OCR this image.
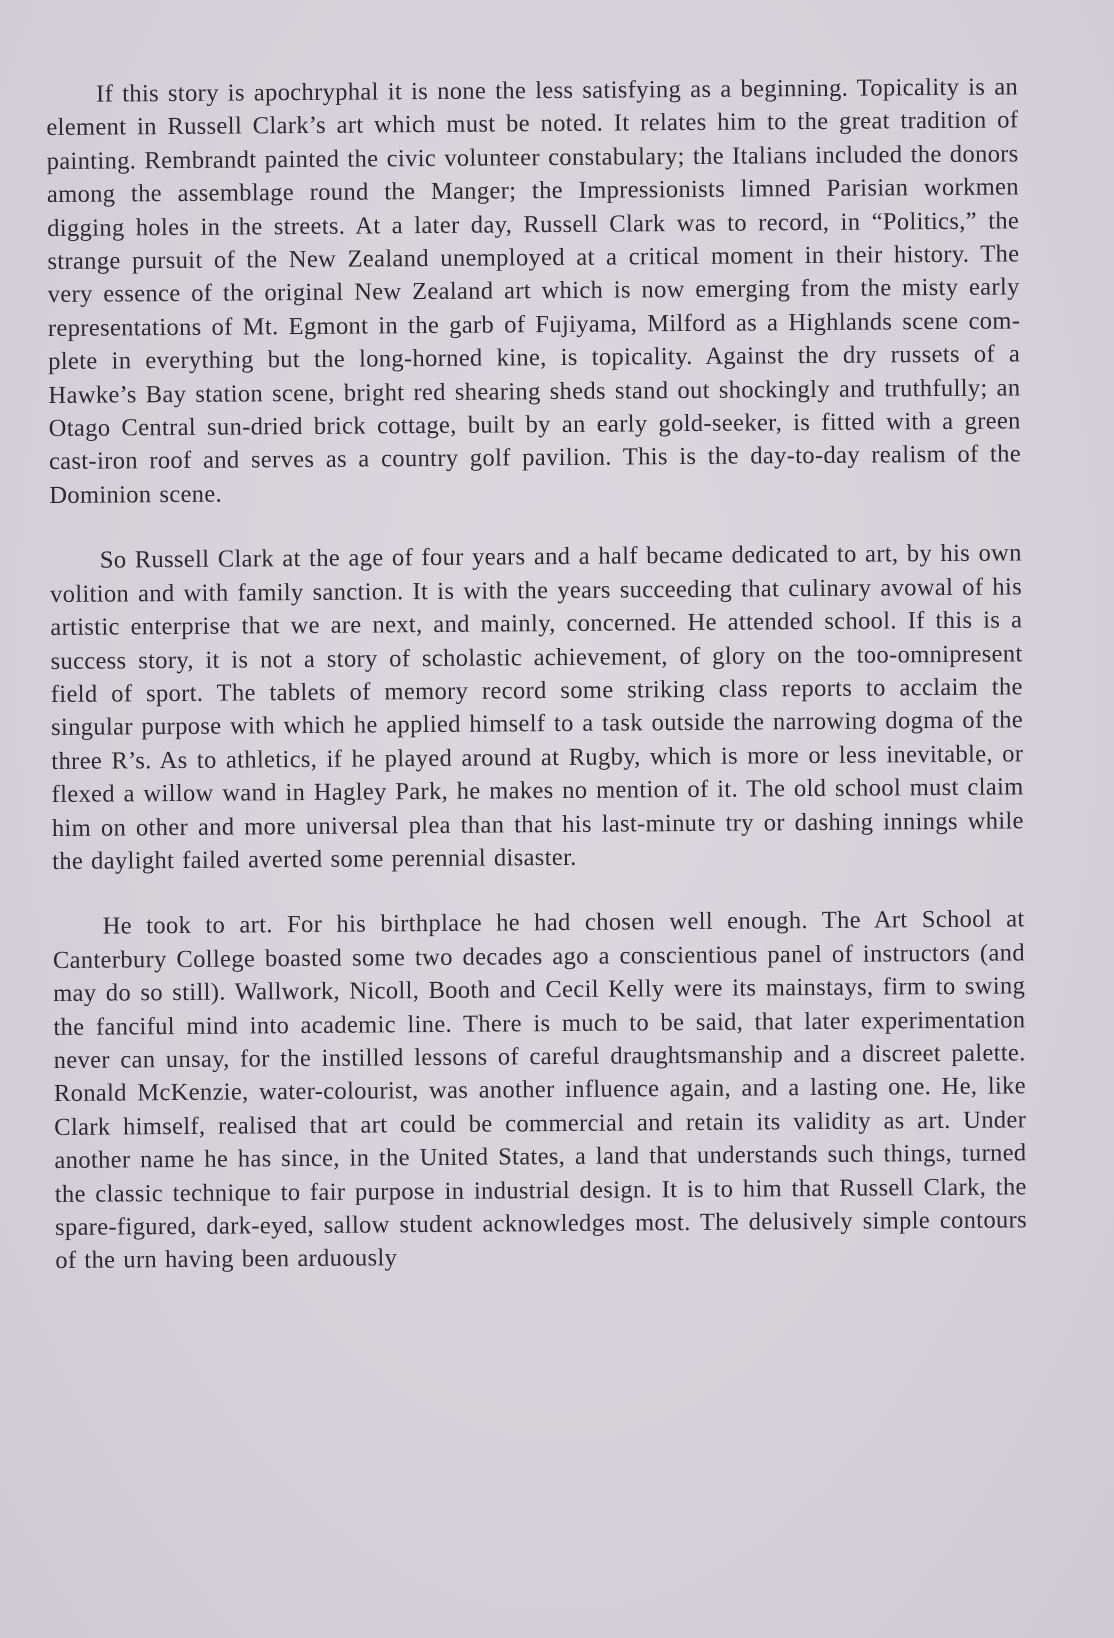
If this story is apochryphal it is none the less satisfying as a beginning. Topicality is an element in Russell Clark’s art which must be noted. It relates him to the great tradition of painting. Rembrandt painted the civic volunteer constabulary; the Italians included the donors among the assemblage round the Manger; the Impressionists limned Parisian workmen digging holes in the streets. At a later day, Russell Clark was to record, in “Politics,” the strange pursuit of the New Zealand unemployed at a critical moment in their history. The very essence of the original New Zealand art which is now emerging from the misty early representations of Mt. Egmont in the garb of Fujiyama, Milford as a Highlands scene complete in everything but the long-horned kine, is topicality. Against the dry russets of a Hawke’s Bay station scene, bright red shearing sheds stand out shockingly and truthfully; an Otago Central sun-dried brick cottage, built by an early gold-seeker, is fitted with a green cast-iron roof and serves as a country golf pavilion. This is the day-to-day realism of the Dominion scene.

So Russell Clark at the age of four years and a half became dedicated to art, by his own volition and with family sanction. It is with the years succeeding that culinary avowal of his artistic enterprise that we are next, and mainly, concerned. He attended school. If this is a success story, it is not a story of scholastic achievement, of glory on the too-omnipresent field of sport. The tablets of memory record some striking class reports to acclaim the singular purpose with which he applied himself to a task outside the narrowing dogma of the three R’s. As to athletics, if he played around at Rugby, which is more or less inevitable, or flexed a willow wand in Hagley Park, he makes no mention of it. The old school must claim him on other and more universal plea than that his last-minute try or dashing innings while the daylight failed averted some perennial disaster.

He took to art. For his birthplace he had chosen well enough. The Art School at Canterbury College boasted some two decades ago a conscientious panel of instructors (and may do so still). Wallwork, Nicoll, Booth and Cecil Kelly were its mainstays, firm to swing the fanciful mind into academic line. There is much to be said, that later experimentation never can unsay, for the instilled lessons of careful draughtsmanship and a discreet palette. Ronald McKenzie, water-colourist, was another influence again, and a lasting one. He, like Clark himself, realised that art could be commercial and retain its validity as art. Under another name he has since, in the United States, a land that understands such things, turned the classic technique to fair purpose in industrial design. It is to him that Russell Clark, the spare-figured, dark-eyed, sallow student acknowledges most. The delusively simple contours of the urn having been arduously
